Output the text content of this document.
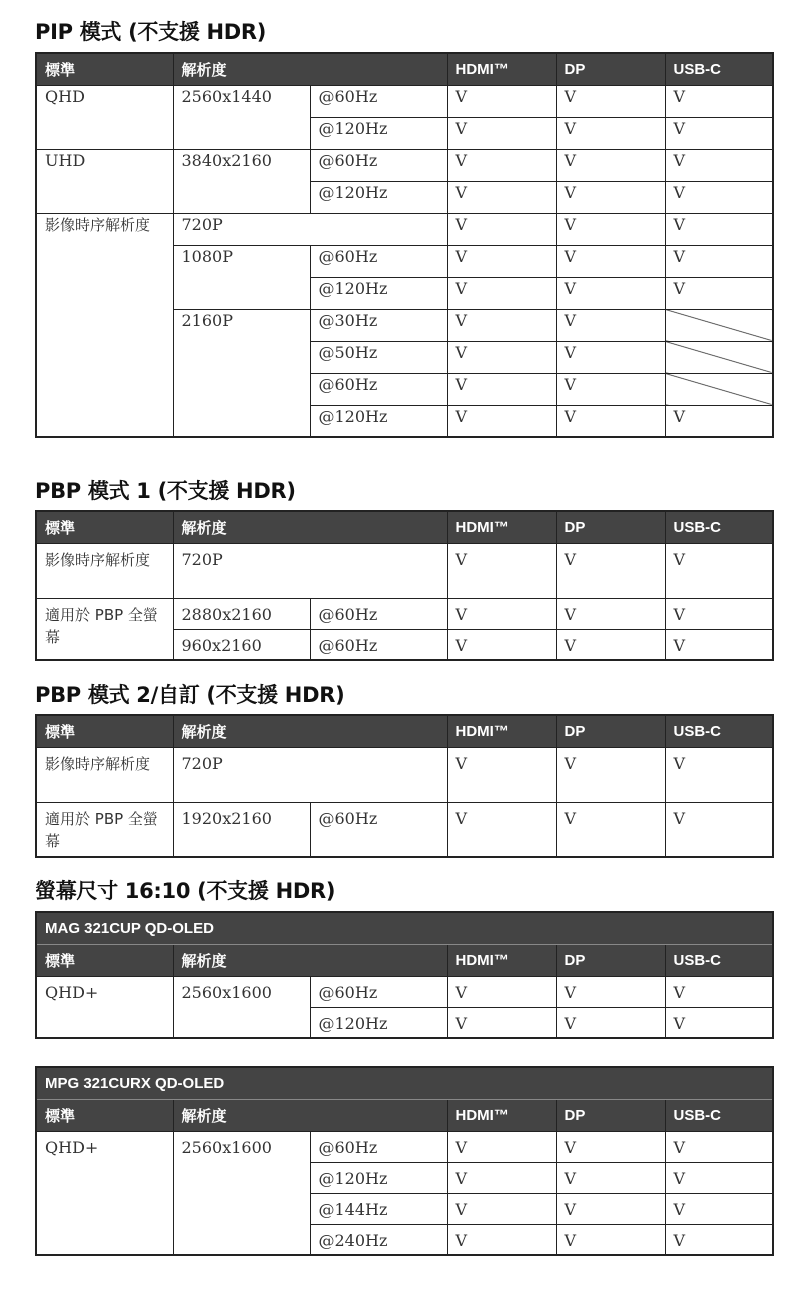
PIP 模式 (不支援 HDR)
標準	解析度		HDMI™	DP	USB-C
QHD	2560x1440	@60Hz	V	V	V
		@120Hz	V	V	V
UHD	3840x2160	@60Hz	V	V	V
		@120Hz	V	V	V
影像時序解析度	720P		V	V	V
	1080P	@60Hz	V	V	V
		@120Hz	V	V	V
	2160P	@30Hz	V	V	
		@50Hz	V	V	
		@60Hz	V	V	
		@120Hz	V	V	V
PBP 模式 1 (不支援 HDR)
標準	解析度		HDMI™	DP	USB-C
影像時序解析度	720P		V	V	V
適用於 PBP 全螢幕	2880x2160	@60Hz	V	V	V
	960x2160	@60Hz	V	V	V
PBP 模式 2/自訂 (不支援 HDR)
標準	解析度		HDMI™	DP	USB-C
影像時序解析度	720P		V	V	V
適用於 PBP 全螢幕	1920x2160	@60Hz	V	V	V
螢幕尺寸 16:10 (不支援 HDR)
MAG 321CUP QD-OLED					
標準	解析度		HDMI™	DP	USB-C
QHD+	2560x1600	@60Hz	V	V	V
		@120Hz	V	V	V
MPG 321CURX QD-OLED					
標準	解析度		HDMI™	DP	USB-C
QHD+	2560x1600	@60Hz	V	V	V
		@120Hz	V	V	V
		@144Hz	V	V	V
		@240Hz	V	V	V
